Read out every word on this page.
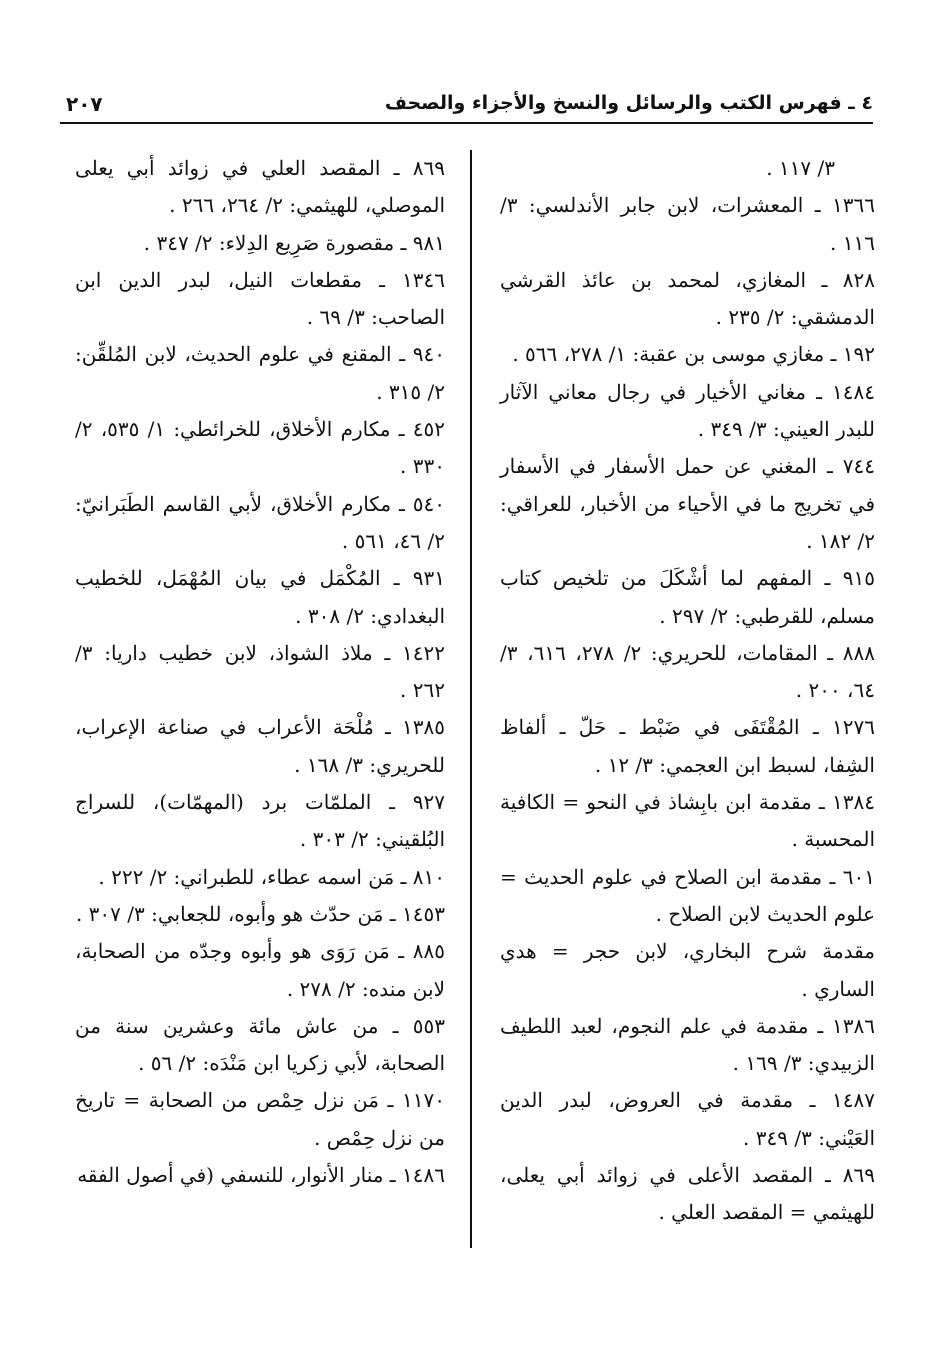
٤ ـ فهرس الكتب والرسائل والنسخ والأجزاء والصحف
٢٠٧

٣/ ١١٧ .

١٣٦٦ ـ المعشرات، لابن جابر الأندلسي: ٣/ ١١٦ .

٨٢٨ ـ المغازي، لمحمد بن عائذ القرشي الدمشقي: ٢/ ٢٣٥ .

١٩٢ ـ مغازي موسى بن عقبة: ١/ ٢٧٨، ٥٦٦ .

١٤٨٤ ـ مغاني الأخيار في رجال معاني الآثار للبدر العيني: ٣/ ٣٤٩ .

٧٤٤ ـ المغني عن حمل الأسفار في الأسفار في تخريج ما في الأحياء من الأخبار، للعراقي: ٢/ ١٨٢ .

٩١٥ ـ المفهم لما أشْكَلَ من تلخيص كتاب مسلم، للقرطبي: ٢/ ٢٩٧ .

٨٨٨ ـ المقامات، للحريري: ٢/ ٢٧٨، ٦١٦، ٣/ ٦٤، ٢٠٠ .

١٢٧٦ ـ المُقْتَفَى في ضَبْط ـ حَلّ ـ ألفاظ الشِفا، لسبط ابن العجمي: ٣/ ١٢ .

١٣٨٤ ـ مقدمة ابن بابِشاذ في النحو = الكافية المحسبة .

٦٠١ ـ مقدمة ابن الصلاح في علوم الحديث = علوم الحديث لابن الصلاح .

مقدمة شرح البخاري، لابن حجر = هدي الساري .

١٣٨٦ ـ مقدمة في علم النجوم، لعبد اللطيف الزبيدي: ٣/ ١٦٩ .

١٤٨٧ ـ مقدمة في العروض، لبدر الدين العَيْني: ٣/ ٣٤٩ .

٨٦٩ ـ المقصد الأعلى في زوائد أبي يعلى، للهيثمي = المقصد العلي .

٨٦٩ ـ المقصد العلي في زوائد أبي يعلى الموصلي، للهيثمي: ٢/ ٢٦٤، ٢٦٦ .

٩٨١ ـ مقصورة صَرِيع الدِلاء: ٢/ ٣٤٧ .

١٣٤٦ ـ مقطعات النيل، لبدر الدين ابن الصاحب: ٣/ ٦٩ .

٩٤٠ ـ المقنع في علوم الحديث، لابن المُلقِّن: ٢/ ٣١٥ .

٤٥٢ ـ مكارم الأخلاق، للخرائطي: ١/ ٥٣٥، ٢/ ٣٣٠ .

٥٤٠ ـ مكارم الأخلاق، لأبي القاسم الطَبَرانيّ: ٢/ ٤٦، ٥٦١ .

٩٣١ ـ المُكْمَل في بيان المُهْمَل، للخطيب البغدادي: ٢/ ٣٠٨ .

١٤٢٢ ـ ملاذ الشواذ، لابن خطيب داريا: ٣/ ٢٦٢ .

١٣٨٥ ـ مُلْحَة الأعراب في صناعة الإعراب، للحريري: ٣/ ١٦٨ .

٩٢٧ ـ الملمّات برد (المهمّات)، للسراج البُلقيني: ٢/ ٣٠٣ .

٨١٠ ـ مَن اسمه عطاء، للطبراني: ٢/ ٢٢٢ .

١٤٥٣ ـ مَن حدّث هو وأبوه، للجعابي: ٣/ ٣٠٧ .

٨٨٥ ـ مَن رَوَى هو وأبوه وجدّه من الصحابة، لابن منده: ٢/ ٢٧٨ .

٥٥٣ ـ من عاش مائة وعشرين سنة من الصحابة، لأبي زكريا ابن مَنْدَه: ٢/ ٥٦ .

١١٧٠ ـ مَن نزل حِمْص من الصحابة = تاريخ من نزل حِمْص .

١٤٨٦ ـ منار الأنوار، للنسفي (في أصول الفقه
